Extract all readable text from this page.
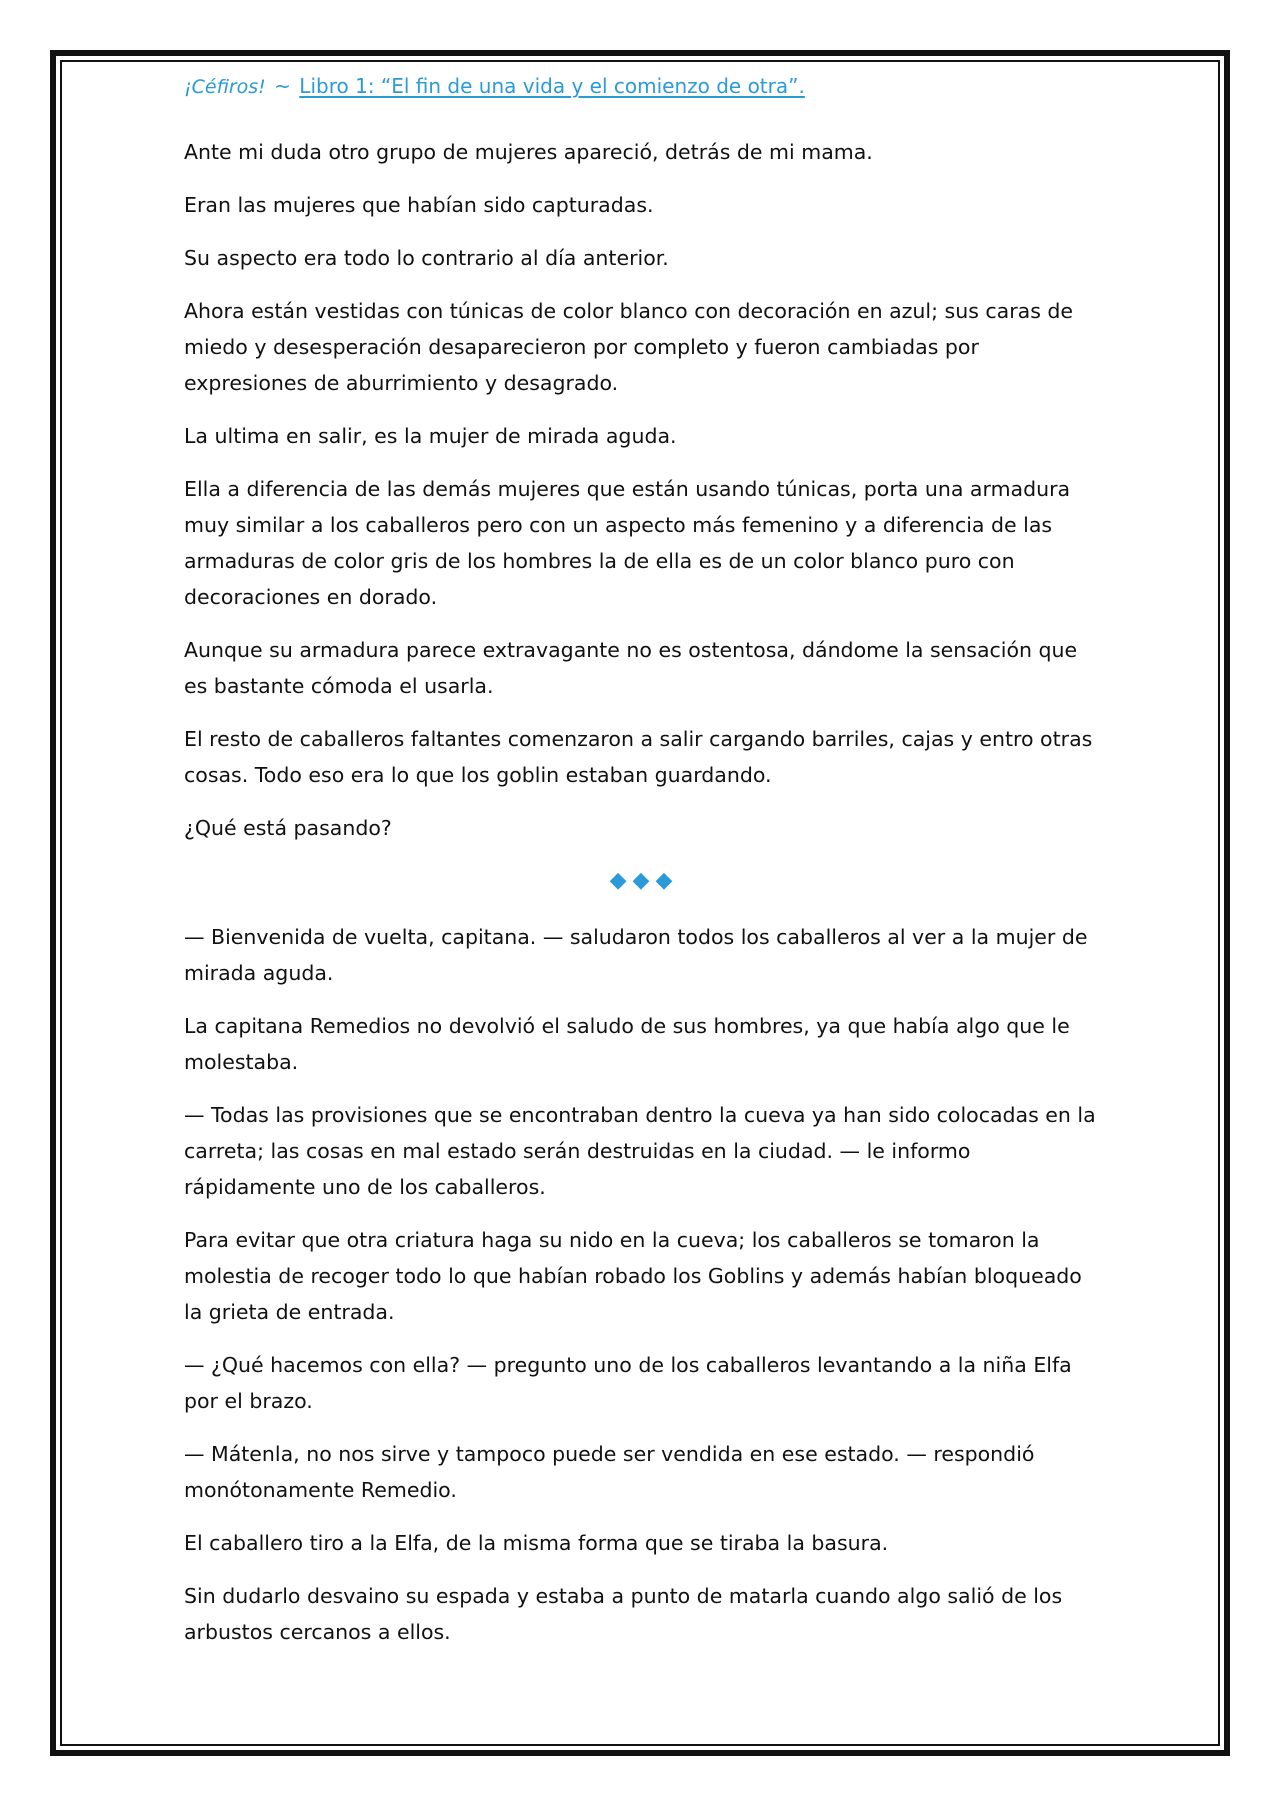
¡Céfiros! ~ Libro 1: “El fin de una vida y el comienzo de otra”.

Ante mi duda otro grupo de mujeres apareció, detrás de mi mama.

Eran las mujeres que habían sido capturadas.

Su aspecto era todo lo contrario al día anterior.

Ahora están vestidas con túnicas de color blanco con decoración en azul; sus caras de miedo y desesperación desaparecieron por completo y fueron cambiadas por expresiones de aburrimiento y desagrado.

La ultima en salir, es la mujer de mirada aguda.

Ella a diferencia de las demás mujeres que están usando túnicas, porta una armadura muy similar a los caballeros pero con un aspecto más femenino y a diferencia de las armaduras de color gris de los hombres la de ella es de un color blanco puro con decoraciones en dorado.

Aunque su armadura parece extravagante no es ostentosa, dándome la sensación que es bastante cómoda el usarla.

El resto de caballeros faltantes comenzaron a salir cargando barriles, cajas y entro otras cosas. Todo eso era lo que los goblin estaban guardando.

¿Qué está pasando?

◆◆◆

— Bienvenida de vuelta, capitana. — saludaron todos los caballeros al ver a la mujer de mirada aguda.

La capitana Remedios no devolvió el saludo de sus hombres, ya que había algo que le molestaba.

— Todas las provisiones que se encontraban dentro la cueva ya han sido colocadas en la carreta; las cosas en mal estado serán destruidas en la ciudad. — le informo rápidamente uno de los caballeros.

Para evitar que otra criatura haga su nido en la cueva; los caballeros se tomaron la molestia de recoger todo lo que habían robado los Goblins y además habían bloqueado la grieta de entrada.

— ¿Qué hacemos con ella? — pregunto uno de los caballeros levantando a la niña Elfa por el brazo.

— Mátenla, no nos sirve y tampoco puede ser vendida en ese estado. — respondió monótonamente Remedio.

El caballero tiro a la Elfa, de la misma forma que se tiraba la basura.

Sin dudarlo desvaino su espada y estaba a punto de matarla cuando algo salió de los arbustos cercanos a ellos.
